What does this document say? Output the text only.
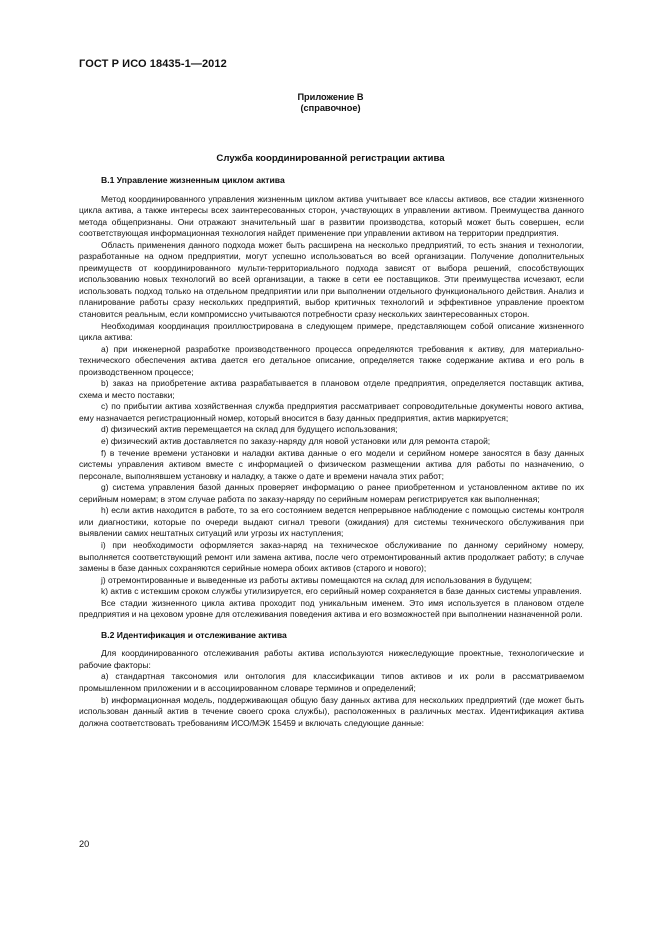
ГОСТ Р ИСО 18435-1—2012
Приложение В
(справочное)
Служба координированной регистрации актива
В.1 Управление жизненным циклом актива

Метод координированного управления жизненным циклом актива учитывает все классы активов, все стадии жизненного цикла актива, а также интересы всех заинтересованных сторон, участвующих в управлении активом. Преимущества данного метода общепризнаны. Они отражают значительный шаг в развитии производства, который может быть совершен, если соответствующая информационная технология найдет применение при управлении активом на территории предприятия.

Область применения данного подхода может быть расширена на несколько предприятий, то есть знания и технологии, разработанные на одном предприятии, могут успешно использоваться во всей организации. Получение дополнительных преимуществ от координированного мульти-территориального подхода зависят от выбора решений, способствующих использованию новых технологий во всей организации, а также в сети ее поставщиков. Эти преимущества исчезают, если использовать подход только на отдельном предприятии или при выполнении отдельного функционального действия. Анализ и планирование работы сразу нескольких предприятий, выбор критичных технологий и эффективное управление проектом становится реальным, если компромиссно учитываются потребности сразу нескольких заинтересованных сторон.

Необходимая координация проиллюстрирована в следующем примере, представляющем собой описание жизненного цикла актива:

а) при инженерной разработке производственного процесса определяются требования к активу, для материально-технического обеспечения актива дается его детальное описание, определяется также содержание актива и его роль в производственном процессе;

b) заказ на приобретение актива разрабатывается в плановом отделе предприятия, определяется поставщик актива, схема и место поставки;

с) по прибытии актива хозяйственная служба предприятия рассматривает сопроводительные документы нового актива, ему назначается регистрационный номер, который вносится в базу данных предприятия, актив маркируется;

d) физический актив перемещается на склад для будущего использования;

е) физический актив доставляется по заказу-наряду для новой установки или для ремонта старой;

f) в течение времени установки и наладки актива данные о его модели и серийном номере заносятся в базу данных системы управления активом вместе с информацией о физическом размещении актива для работы по назначению, о персонале, выполнявшем установку и наладку, а также о дате и времени начала этих работ;

g) система управления базой данных проверяет информацию о ранее приобретенном и установленном активе по их серийным номерам; в этом случае работа по заказу-наряду по серийным номерам регистрируется как выполненная;

h) если актив находится в работе, то за его состоянием ведется непрерывное наблюдение с помощью системы контроля или диагностики, которые по очереди выдают сигнал тревоги (ожидания) для системы технического обслуживания при выявлении самих нештатных ситуаций или угрозы их наступления;

i) при необходимости оформляется заказ-наряд на техническое обслуживание по данному серийному номеру, выполняется соответствующий ремонт или замена актива, после чего отремонтированный актив продолжает работу; в случае замены в базе данных сохраняются серийные номера обоих активов (старого и нового);

j) отремонтированные и выведенные из работы активы помещаются на склад для использования в будущем;

k) актив с истекшим сроком службы утилизируется, его серийный номер сохраняется в базе данных системы управления.

Все стадии жизненного цикла актива проходит под уникальным именем. Это имя используется в плановом отделе предприятия и на цеховом уровне для отслеживания поведения актива и его возможностей при выполнении назначенной роли.

В.2 Идентификация и отслеживание актива

Для координированного отслеживания работы актива используются нижеследующие проектные, технологические и рабочие факторы:

а) стандартная таксономия или онтология для классификации типов активов и их роли в рассматриваемом промышленном приложении и в ассоциированном словаре терминов и определений;

b) информационная модель, поддерживающая общую базу данных актива для нескольких предприятий (где может быть использован данный актив в течение своего срока службы), расположенных в различных местах. Идентификация актива должна соответствовать требованиям ИСО/МЭК 15459 и включать следующие данные:

20
